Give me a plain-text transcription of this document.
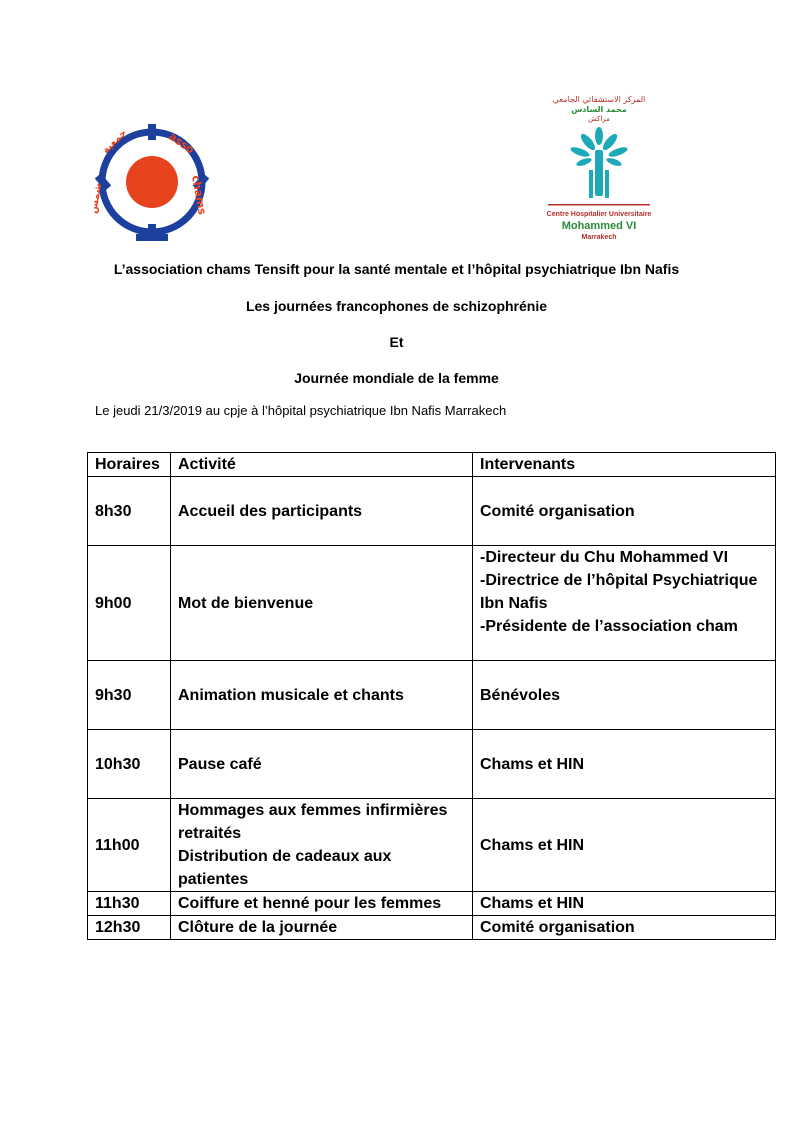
asso
chams
جمعية
شمس
المركز الاستشفائي الجامعي
محمد السادس
مراكش
Centre Hospitalier Universitaire
Mohammed VI
Marrakech
L’association chams Tensift pour la santé mentale et l’hôpital psychiatrique Ibn Nafis
Les journées francophones de schizophrénie
Et
Journée mondiale de la femme
Le jeudi 21/3/2019 au cpje à l’hôpital psychiatrique Ibn Nafis Marrakech
Horaires	Activité	Intervenants
8h30	Accueil des participants	Comité organisation

9h00	Mot de bienvenue	-Directeur du Chu Mohammed VI
-Directrice de l’hôpital Psychiatrique
Ibn Nafis
-Présidente de l’association cham

9h30	Animation musicale et chants	Bénévoles

10h30	Pause café	Chams et HIN

11h00	Hommages aux femmes infirmières
retraités
Distribution de cadeaux aux
patientes	Chams et HIN

11h30	Coiffure et henné pour les femmes	Chams et HIN

12h30	Clôture de la journée	Comité organisation
